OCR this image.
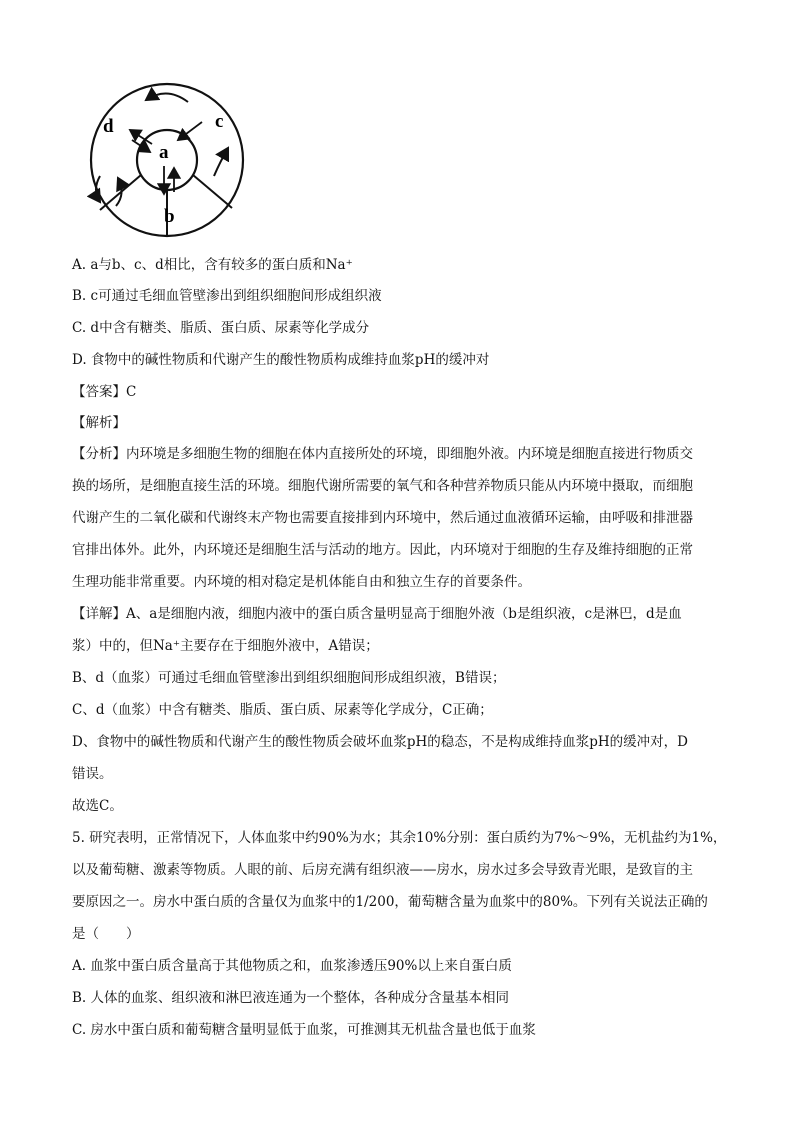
a
b
c
d
A. a与b、c、d相比，含有较多的蛋白质和Na⁺
B. c可通过毛细血管壁渗出到组织细胞间形成组织液
C. d中含有糖类、脂质、蛋白质、尿素等化学成分
D. 食物中的碱性物质和代谢产生的酸性物质构成维持血浆pH的缓冲对
【答案】C
【解析】
【分析】内环境是多细胞生物的细胞在体内直接所处的环境，即细胞外液。内环境是细胞直接进行物质交
换的场所，是细胞直接生活的环境。细胞代谢所需要的氧气和各种营养物质只能从内环境中摄取，而细胞
代谢产生的二氧化碳和代谢终末产物也需要直接排到内环境中，然后通过血液循环运输，由呼吸和排泄器
官排出体外。此外，内环境还是细胞生活与活动的地方。因此，内环境对于细胞的生存及维持细胞的正常
生理功能非常重要。内环境的相对稳定是机体能自由和独立生存的首要条件。
【详解】A、a是细胞内液，细胞内液中的蛋白质含量明显高于细胞外液（b是组织液，c是淋巴，d是血
浆）中的，但Na⁺主要存在于细胞外液中，A错误；
B、d（血浆）可通过毛细血管壁渗出到组织细胞间形成组织液，B错误；
C、d（血浆）中含有糖类、脂质、蛋白质、尿素等化学成分，C正确；
D、食物中的碱性物质和代谢产生的酸性物质会破坏血浆pH的稳态，不是构成维持血浆pH的缓冲对，D
错误。
故选C。
5. 研究表明，正常情况下，人体血浆中约90%为水；其余10%分别：蛋白质约为7%～9%，无机盐约为1%，
以及葡萄糖、激素等物质。人眼的前、后房充满有组织液——房水，房水过多会导致青光眼，是致盲的主
要原因之一。房水中蛋白质的含量仅为血浆中的1/200，葡萄糖含量为血浆中的80%。下列有关说法正确的
是（　　）
A. 血浆中蛋白质含量高于其他物质之和，血浆渗透压90%以上来自蛋白质
B. 人体的血浆、组织液和淋巴液连通为一个整体，各种成分含量基本相同
C. 房水中蛋白质和葡萄糖含量明显低于血浆，可推测其无机盐含量也低于血浆
